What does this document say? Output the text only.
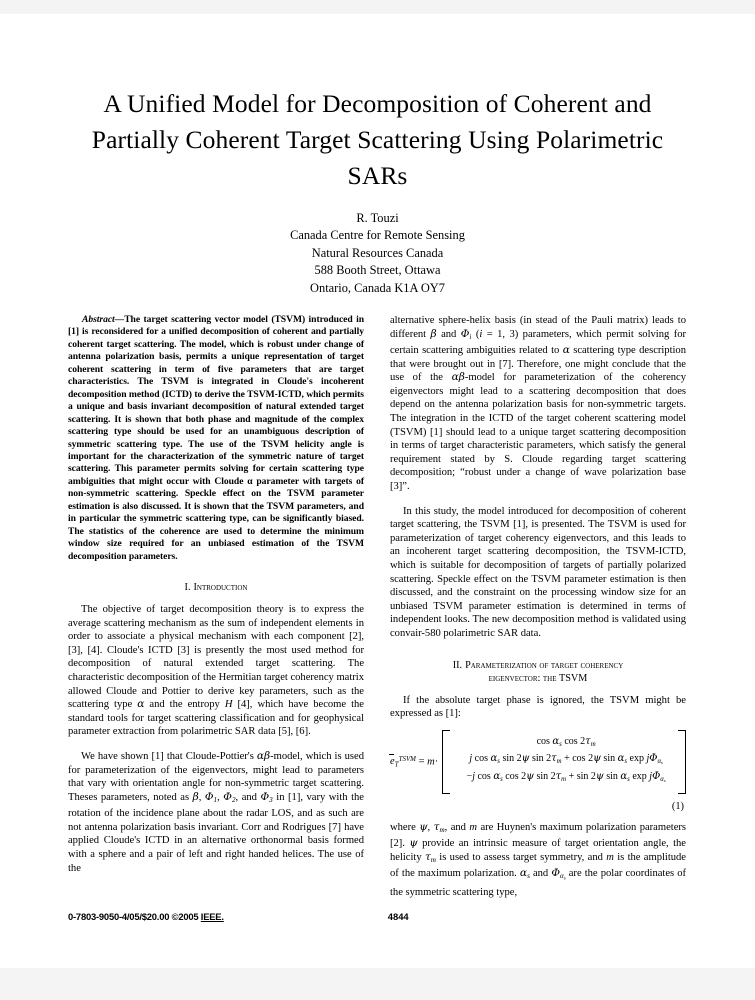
A Unified Model for Decomposition of Coherent and Partially Coherent Target Scattering Using Polarimetric SARs
R. Touzi
Canada Centre for Remote Sensing
Natural Resources Canada
588 Booth Street, Ottawa
Ontario, Canada K1A OY7

Abstract—The target scattering vector model (TSVM) introduced in [1] is reconsidered for a unified decomposition of coherent and partially coherent target scattering. The model, which is robust under change of antenna polarization basis, permits a unique representation of target coherent scattering in term of five parameters that are target characteristics. The TSVM is integrated in Cloude's incoherent decomposition method (ICTD) to derive the TSVM-ICTD, which permits a unique and basis invariant decomposition of natural extended target scattering. It is shown that both phase and magnitude of the complex scattering type should be used for an unambiguous description of symmetric scattering type. The use of the TSVM helicity angle is important for the characterization of the symmetric nature of target scattering. This parameter permits solving for certain scattering type ambiguities that might occur with Cloude α parameter with targets of non-symmetric scattering. Speckle effect on the TSVM parameter estimation is also discussed. It is shown that the TSVM parameters, and in particular the symmetric scattering type, can be significantly biased. The statistics of the coherence are used to determine the minimum window size required for an unbiased estimation of the TSVM decomposition parameters.

I. Introduction

The objective of target decomposition theory is to express the average scattering mechanism as the sum of independent elements in order to associate a physical mechanism with each component [2], [3], [4]. Cloude's ICTD [3] is presently the most used method for decomposition of natural extended target scattering. The characteristic decomposition of the Hermitian target coherency matrix allowed Cloude and Pottier to derive key parameters, such as the scattering type α and the entropy H [4], which have become the standard tools for target scattering classification and for geophysical parameter extraction from polarimetric SAR data [5], [6].

We have shown [1] that Cloude-Pottier's αβ-model, which is used for parameterization of the eigenvectors, might lead to parameters that vary with orientation angle for non-symmetric target scattering. Theses parameters, noted as β, $\Phi_1$, $\Phi_2$, and $\Phi_3$ in [1], vary with the rotation of the incidence plane about the radar LOS, and as such are not antenna polarization basis invariant. Corr and Rodrigues [7] have applied Cloude's ICTD in an alternative orthonormal basis formed with a sphere and a pair of left and right handed helices. The use of the

alternative sphere-helix basis (in stead of the Pauli matrix) leads to different β and $\Phi_i$ (i = 1, 3) parameters, which permit solving for certain scattering ambiguities related to α scattering type description that were brought out in [7]. Therefore, one might conclude that the use of the αβ-model for parameterization of the coherency eigenvectors might lead to a scattering decomposition that does depend on the antenna polarization basis for non-symmetric targets. The integration in the ICTD of the target coherent scattering model (TSVM) [1] should lead to a unique target scattering decomposition in terms of target characteristic parameters, which satisfy the general requirement stated by S. Cloude regarding target scattering decomposition; “robust under a change of wave polarization base [3]”.

In this study, the model introduced for decomposition of coherent target scattering, the TSVM [1], is presented. The TSVM is used for parameterization of target coherency eigenvectors, and this leads to an incoherent target scattering decomposition, the TSVM-ICTD, which is suitable for decomposition of targets of partially polarized scattering. Speckle effect on the TSVM parameter estimation is then discussed, and the constraint on the processing window size for an unbiased TSVM parameter estimation is determined in terms of independent looks. The new decomposition method is validated using convair-580 polarimetric SAR data.

II. Parameterization of target coherency
eigenvector: the TSVM

If the absolute target phase is ignored, the TSVM might be expressed as [1]:

$e_T^{TSVM} = m\cdot$
$\cos \alpha_s$ $\cos 2\tau_m$
j $\cos \alpha_s$ sin 2ψ $\sin 2\tau_m + \cos 2\psi$ $\sin \alpha_s$ $\exp j\Phi_{\alpha_s}$
−j $\cos \alpha_s$ cos 2ψ $\sin 2\tau_m + \sin 2\psi$ $\sin \alpha_s$ $\exp j\Phi_{\alpha_s}$
(1)

where ψ, $\tau_m$, and m are Huynen's maximum polarization parameters [2]. ψ provide an intrinsic measure of target orientation angle, the helicity $\tau_m$ is used to assess target symmetry, and m is the amplitude of the maximum polarization. $\alpha_s$ and $\Phi_{\alpha_s}$ are the polar coordinates of the symmetric scattering type,

0-7803-9050-4/05/$20.00 ©2005 IEEE.	4844
